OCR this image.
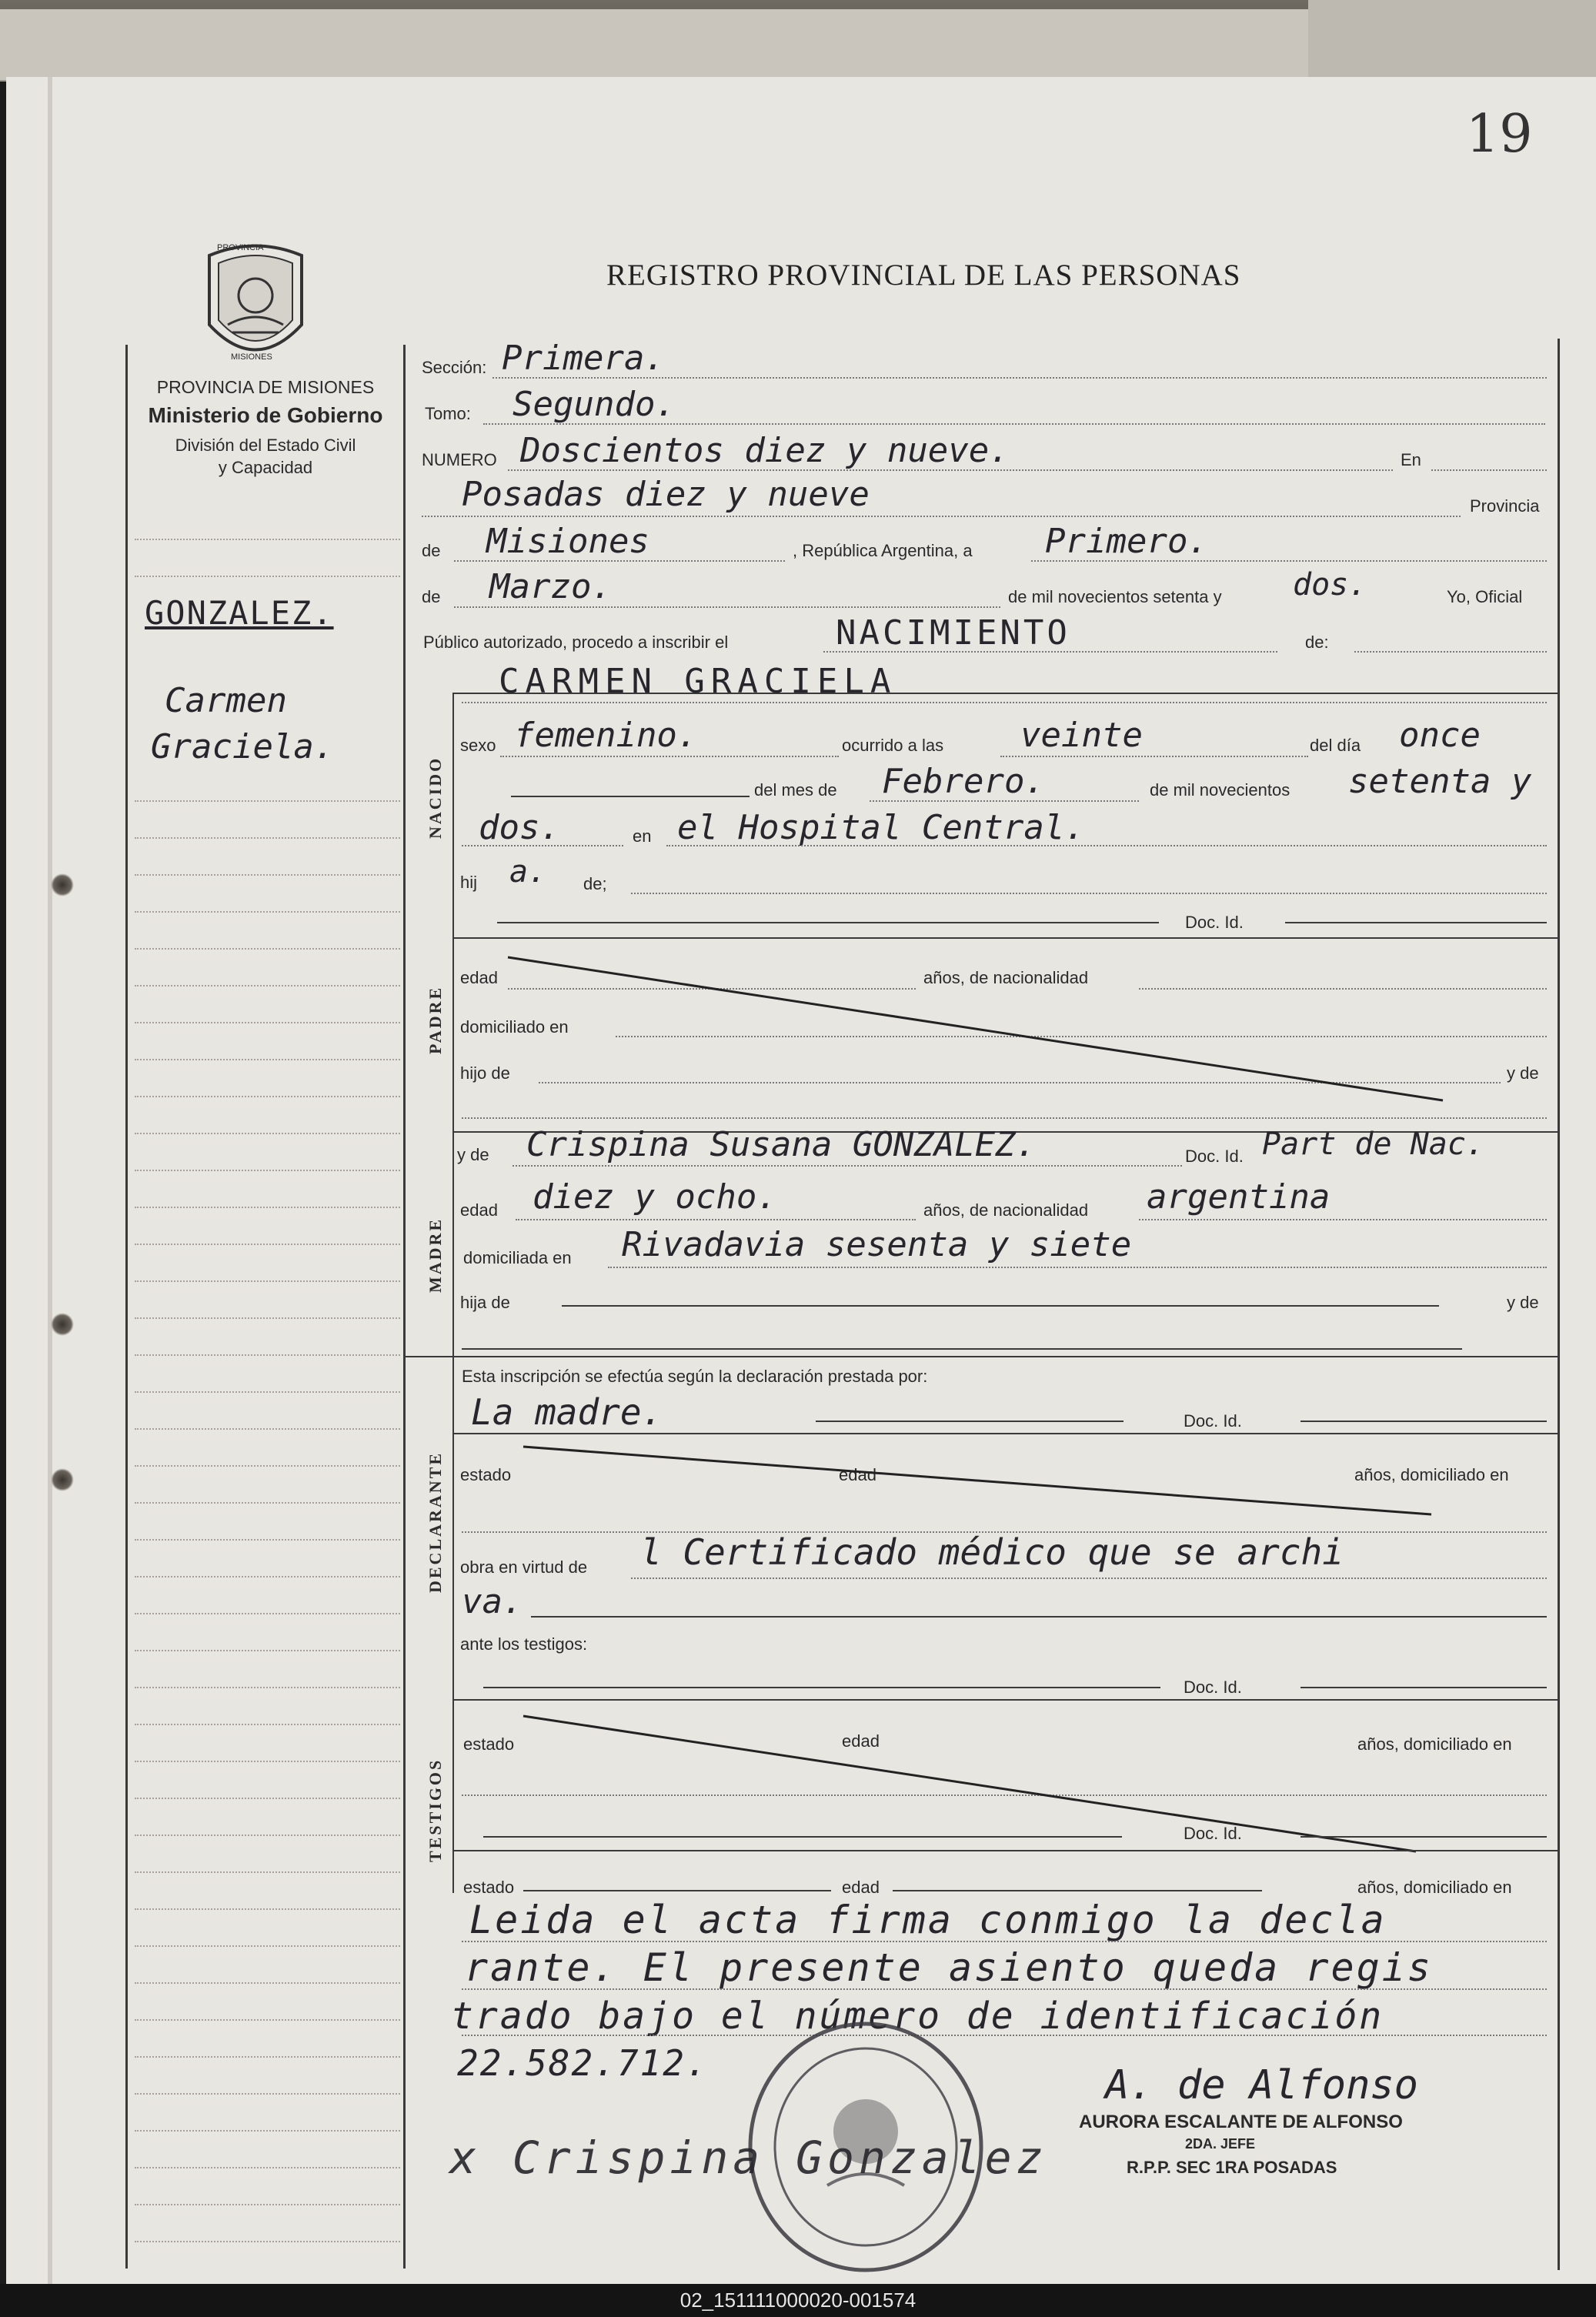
19
REGISTRO PROVINCIAL DE LAS PERSONAS
PROVINCIA
MISIONES
PROVINCIA DE MISIONES
Ministerio de Gobierno
División del Estado Civil
y Capacidad
GONZALEZ.
Carmen
Graciela.
Sección: Primera.
Tomo: Segundo.
NUMERO Doscientos diez y nueve.	En
Posadas diez y nueve	Provincia
de Misiones	, República Argentina, a Primero.
de Marzo.	de mil novecientos setenta y dos.	Yo, Oficial
Público autorizado, procedo a inscribir el	NACIMIENTO	de:
NACIDO
CARMEN GRACIELA
sexo femenino.	ocurrido a las veinte	del día once
del mes de Febrero.	de mil novecientos setenta y
dos.	en el Hospital Central.
hij a. de;
Doc. Id.
PADRE
edad	años, de nacionalidad
domiciliado en
hijo de	y de
MADRE
y de Crispina Susana GONZALEZ.	Doc. Id. Part de Nac.
edad diez y ocho.	años, de nacionalidad argentina
domiciliada en Rivadavia sesenta y siete
hija de	y de
Esta inscripción se efectúa según la declaración prestada por:
La madre.	Doc. Id.
DECLARANTE estado	edad	años, domiciliado en
obra en virtud de l Certificado médico que se archi
va.
ante los testigos:
Doc. Id.
TESTIGOS
estado	edad	años, domiciliado en
Doc. Id.
estado	edad	años, domiciliado en
Leida el acta firma conmigo la decla
rante. El presente asiento queda regis
trado bajo el número de identificación
22.582.712.	A. de Alfonso
AURORA ESCALANTE DE ALFONSO
2DA. JEFE
R.P.P. SEC 1RA POSADAS
x Crispina Gonzalez
02_151111000020-001574
